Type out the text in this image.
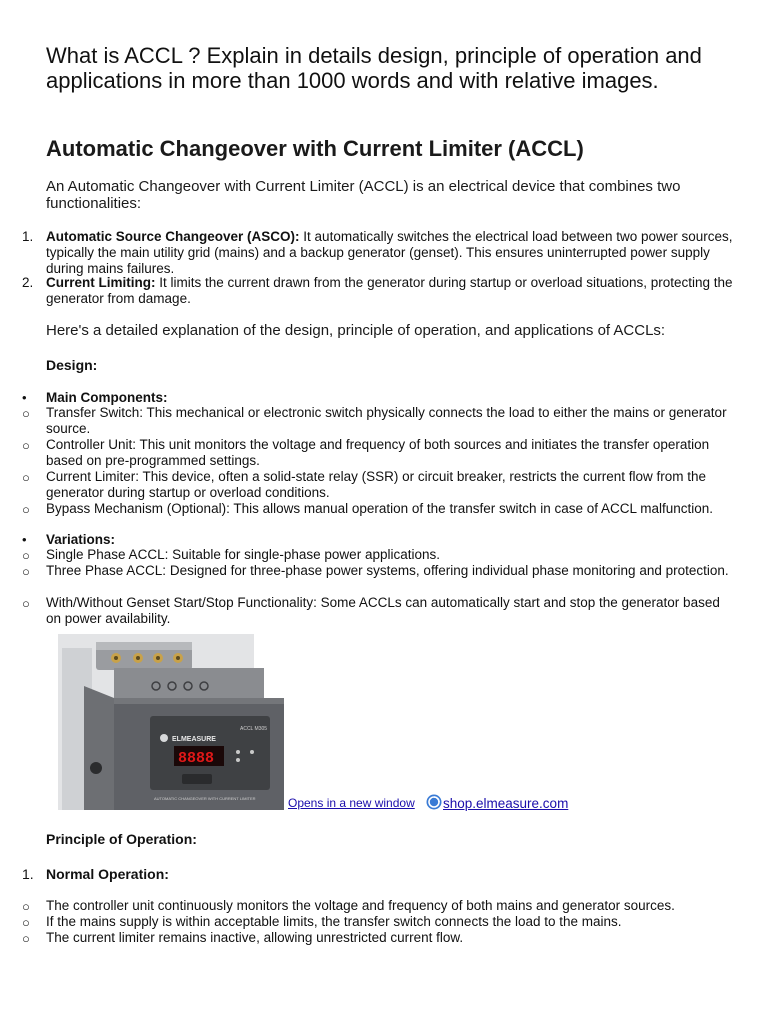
What is ACCL ? Explain in details design, principle of operation and applications in more than 1000 words and with relative images.
Automatic Changeover with Current Limiter (ACCL)
An Automatic Changeover with Current Limiter (ACCL) is an electrical device that combines two functionalities:
1. Automatic Source Changeover (ASCO): It automatically switches the electrical load between two power sources, typically the main utility grid (mains) and a backup generator (genset). This ensures uninterrupted power supply during mains failures.
2. Current Limiting: It limits the current drawn from the generator during startup or overload situations, protecting the generator from damage.
Here's a detailed explanation of the design, principle of operation, and applications of ACCLs:
Design:
• Main Components:
○ Transfer Switch: This mechanical or electronic switch physically connects the load to either the mains or generator source.
○ Controller Unit: This unit monitors the voltage and frequency of both sources and initiates the transfer operation based on pre-programmed settings.
○ Current Limiter: This device, often a solid-state relay (SSR) or circuit breaker, restricts the current flow from the generator during startup or overload conditions.
○ Bypass Mechanism (Optional): This allows manual operation of the transfer switch in case of ACCL malfunction.
• Variations:
○ Single Phase ACCL: Suitable for single-phase power applications.
○ Three Phase ACCL: Designed for three-phase power systems, offering individual phase monitoring and protection.
○ With/Without Genset Start/Stop Functionality: Some ACCLs can automatically start and stop the generator based on power availability.
ELMEASURE
ACCL M305
8888
AUTOMATIC CHANGEOVER WITH CURRENT LIMITER	Opens in a new window shop.elmeasure.com
Principle of Operation:
1. Normal Operation:
○ The controller unit continuously monitors the voltage and frequency of both mains and generator sources.
○ If the mains supply is within acceptable limits, the transfer switch connects the load to the mains.
○ The current limiter remains inactive, allowing unrestricted current flow.
